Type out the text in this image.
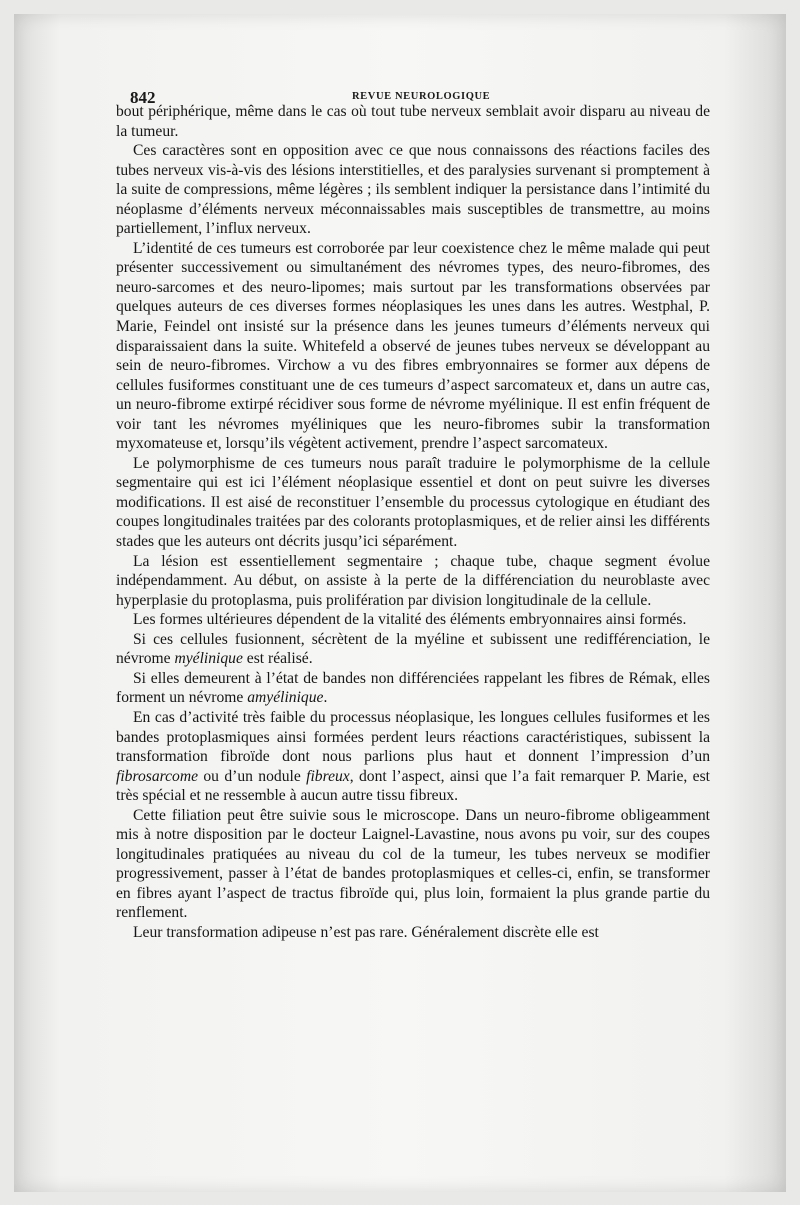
842	REVUE NEUROLOGIQUE

bout périphérique, même dans le cas où tout tube nerveux semblait avoir disparu au niveau de la tumeur.

Ces caractères sont en opposition avec ce que nous connaissons des réactions faciles des tubes nerveux vis-à-vis des lésions interstitielles, et des paralysies survenant si promptement à la suite de compressions, même légères ; ils semblent indiquer la persistance dans l’intimité du néoplasme d’éléments nerveux méconnaissables mais susceptibles de transmettre, au moins partiellement, l’influx nerveux.

L’identité de ces tumeurs est corroborée par leur coexistence chez le même malade qui peut présenter successivement ou simultanément des névromes types, des neuro-fibromes, des neuro-sarcomes et des neuro-lipomes; mais surtout par les transformations observées par quelques auteurs de ces diverses formes néoplasiques les unes dans les autres. Westphal, P. Marie, Feindel ont insisté sur la présence dans les jeunes tumeurs d’éléments nerveux qui disparaissaient dans la suite. Whitefeld a observé de jeunes tubes nerveux se développant au sein de neuro-fibromes. Virchow a vu des fibres embryonnaires se former aux dépens de cellules fusiformes constituant une de ces tumeurs d’aspect sarcomateux et, dans un autre cas, un neuro-fibrome extirpé récidiver sous forme de névrome myélinique. Il est enfin fréquent de voir tant les névromes myéliniques que les neuro-fibromes subir la transformation myxomateuse et, lorsqu’ils végètent activement, prendre l’aspect sarcomateux.

Le polymorphisme de ces tumeurs nous paraît traduire le polymorphisme de la cellule segmentaire qui est ici l’élément néoplasique essentiel et dont on peut suivre les diverses modifications. Il est aisé de reconstituer l’ensemble du processus cytologique en étudiant des coupes longitudinales traitées par des colorants protoplasmiques, et de relier ainsi les différents stades que les auteurs ont décrits jusqu’ici séparément.

La lésion est essentiellement segmentaire ; chaque tube, chaque segment évolue indépendamment. Au début, on assiste à la perte de la différenciation du neuroblaste avec hyperplasie du protoplasma, puis prolifération par division longitudinale de la cellule.

Les formes ultérieures dépendent de la vitalité des éléments embryonnaires ainsi formés.

Si ces cellules fusionnent, sécrètent de la myéline et subissent une redifférenciation, le névrome myélinique est réalisé.

Si elles demeurent à l’état de bandes non différenciées rappelant les fibres de Rémak, elles forment un névrome amyélinique.

En cas d’activité très faible du processus néoplasique, les longues cellules fusiformes et les bandes protoplasmiques ainsi formées perdent leurs réactions caractéristiques, subissent la transformation fibroïde dont nous parlions plus haut et donnent l’impression d’un fibrosarcome ou d’un nodule fibreux, dont l’aspect, ainsi que l’a fait remarquer P. Marie, est très spécial et ne ressemble à aucun autre tissu fibreux.

Cette filiation peut être suivie sous le microscope. Dans un neuro-fibrome obligeamment mis à notre disposition par le docteur Laignel-Lavastine, nous avons pu voir, sur des coupes longitudinales pratiquées au niveau du col de la tumeur, les tubes nerveux se modifier progressivement, passer à l’état de bandes protoplasmiques et celles-ci, enfin, se transformer en fibres ayant l’aspect de tractus fibroïde qui, plus loin, formaient la plus grande partie du renflement.

Leur transformation adipeuse n’est pas rare. Généralement discrète elle est
